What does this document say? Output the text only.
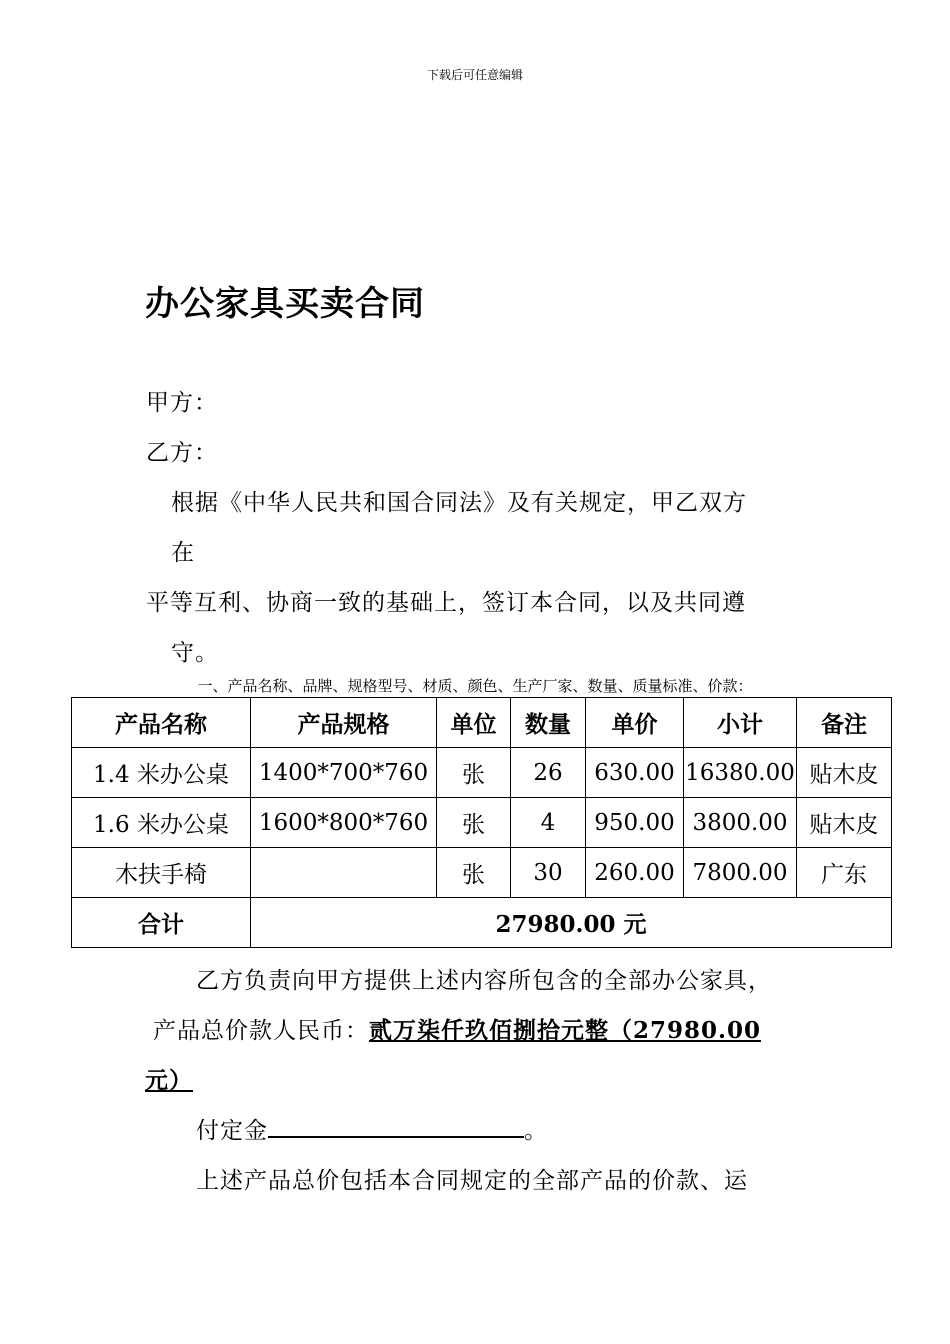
下载后可任意编辑
办公家具买卖合同
甲方：
乙方：
根据《中华人民共和国合同法》及有关规定，甲乙双方
在
平等互利、协商一致的基础上，签订本合同，以及共同遵
守。
一、产品名称、品牌、规格型号、材质、颜色、生产厂家、数量、质量标准、价款：
产品名称	产品规格	单位	数量	单价	小计	备注
1.4 米办公桌	1400*700*760	张	26	630.00	16380.00	贴木皮
1.6 米办公桌	1600*800*760	张	4	950.00	3800.00	贴木皮
木扶手椅		张	30	260.00	7800.00	广东
合计	27980.00 元					
乙方负责向甲方提供上述内容所包含的全部办公家具，
产品总价款人民币：贰万柒仟玖佰捌拾元整（27980.00
元）
付定金	。
上述产品总价包括本合同规定的全部产品的价款、运
